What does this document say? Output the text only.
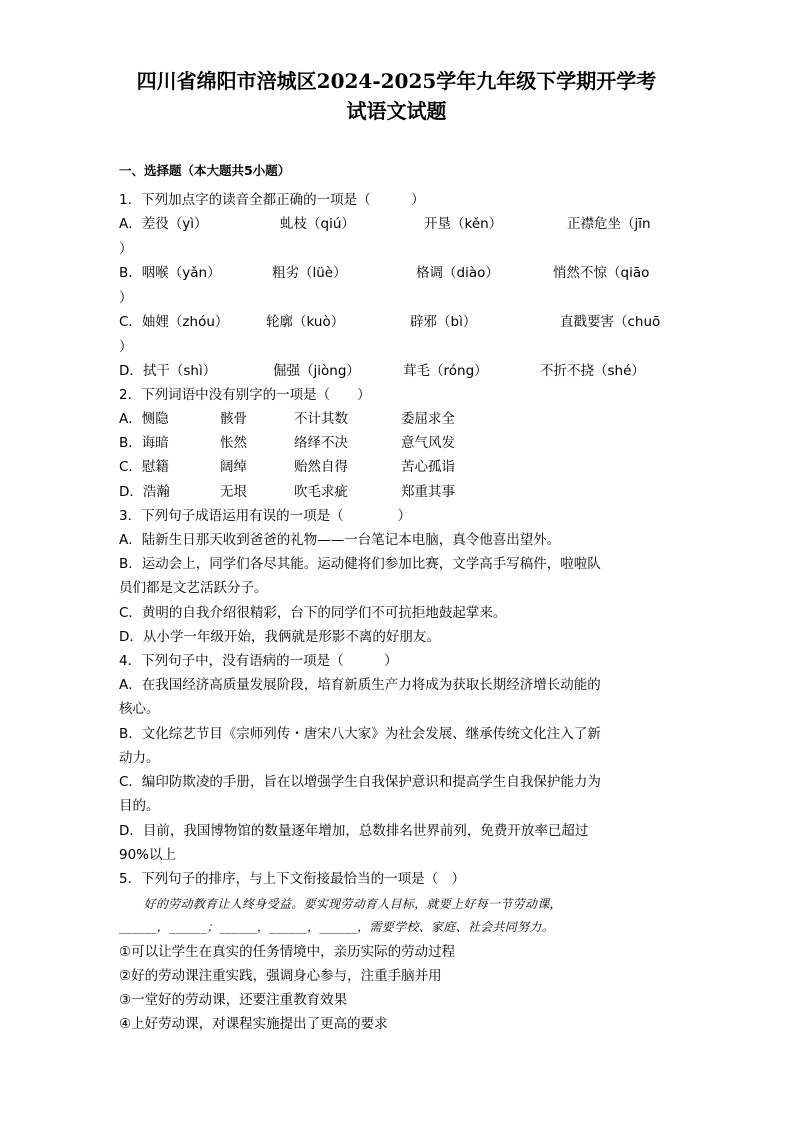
四川省绵阳市涪城区2024-2025学年九年级下学期开学考
试语文试题
一、选择题（本大题共5小题）
1．下列加点字的读音全都正确的一项是（　　　）
A．差役（yì）	虬枝（qiú）	开垦（kěn）	正襟危坐（jīn
）
B．咽喉（yǎn）	粗劣（lüè）	格调（diào）	悄然不惊（qiāo
）
C．妯娌（zhóu）	轮廓（kuò）	辟邪（bì）	直戳要害（chuō
）
D．拭干（shì）	倔强（jiòng）	茸毛（róng）	不折不挠（shé）
2．下列词语中没有别字的一项是（　　）
A．恻隐	骸骨	不计其数	委屈求全
B．诲暗	怅然	络绎不决	意气风发
C．慰籍	阔绰	贻然自得	苦心孤诣
D．浩瀚	无垠	吹毛求疵	郑重其事
3．下列句子成语运用有误的一项是（　　　　）
A．陆新生日那天收到爸爸的礼物——一台笔记本电脑，真令他喜出望外。
B．运动会上，同学们各尽其能。运动健将们参加比赛，文学高手写稿件，啦啦队
员们都是文艺活跃分子。
C．黄明的自我介绍很精彩，台下的同学们不可抗拒地鼓起掌来。
D．从小学一年级开始，我俩就是形影不离的好朋友。
4．下列句子中，没有语病的一项是（　　　）
A．在我国经济高质量发展阶段，培育新质生产力将成为获取长期经济增长动能的
核心。
B．文化综艺节目《宗师列传・唐宋八大家》为社会发展、继承传统文化注入了新
动力。
C．编印防欺凌的手册，旨在以增强学生自我保护意识和提高学生自我保护能力为
目的。
D．目前，我国博物馆的数量逐年增加，总数排名世界前列，免费开放率已超过
90%以上
5．下列句子的排序，与上下文衔接最恰当的一项是（　）
　　好的劳动教育让人终身受益。要实现劳动育人目标，就要上好每一节劳动课，
______，______；______，______，______，需要学校、家庭、社会共同努力。
①可以让学生在真实的任务情境中，亲历实际的劳动过程
②好的劳动课注重实践，强调身心参与，注重手脑并用
③一堂好的劳动课，还要注重教育效果
④上好劳动课，对课程实施提出了更高的要求
